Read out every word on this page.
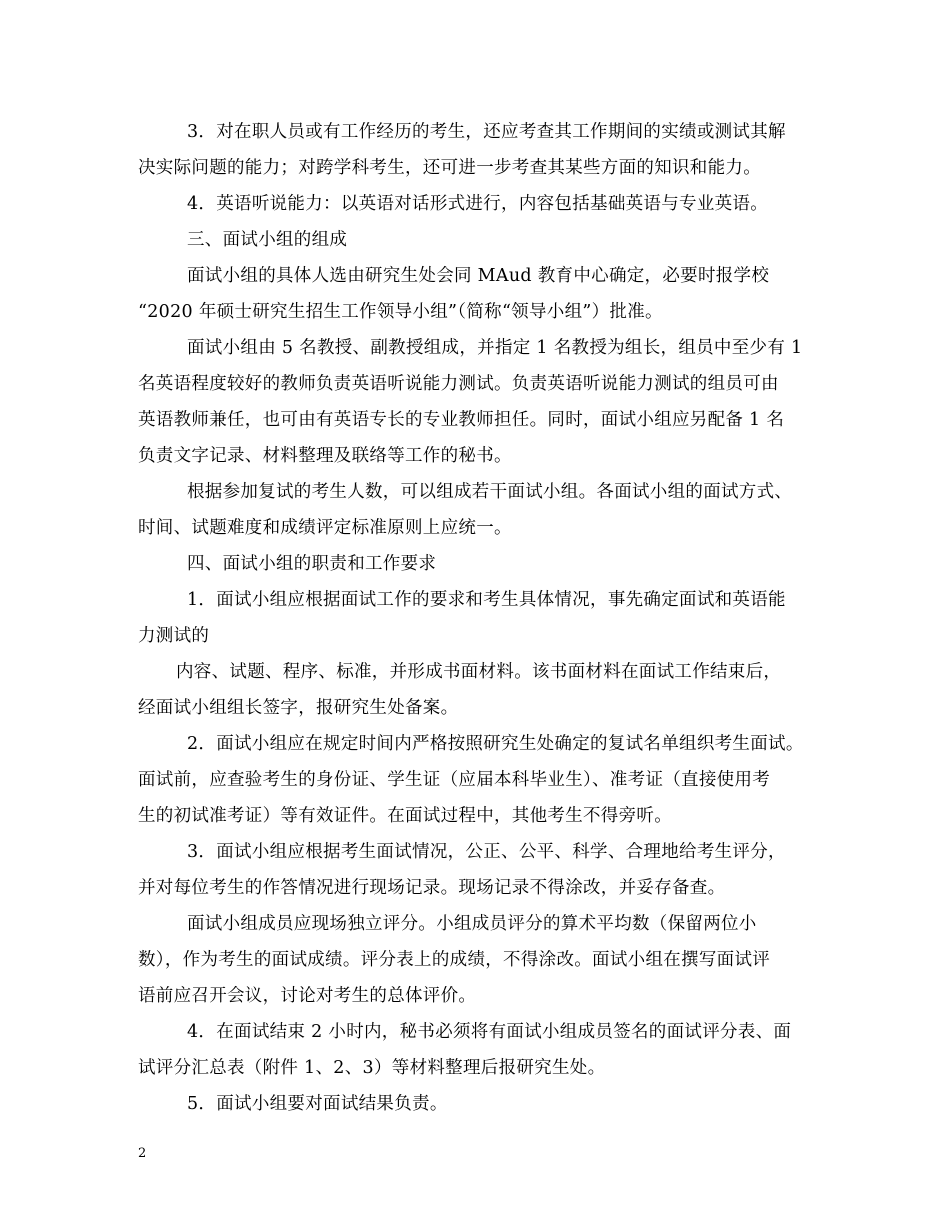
3．对在职人员或有工作经历的考生，还应考查其工作期间的实绩或测试其解
决实际问题的能力；对跨学科考生，还可进一步考查其某些方面的知识和能力。
4．英语听说能力：以英语对话形式进行，内容包括基础英语与专业英语。
三、面试小组的组成
面试小组的具体人选由研究生处会同 MAud 教育中心确定，必要时报学校
“2020 年硕士研究生招生工作领导小组”（简称“领导小组”）批准。
面试小组由 5 名教授、副教授组成，并指定 1 名教授为组长，组员中至少有 1
名英语程度较好的教师负责英语听说能力测试。负责英语听说能力测试的组员可由
英语教师兼任，也可由有英语专长的专业教师担任。同时，面试小组应另配备 1 名
负责文字记录、材料整理及联络等工作的秘书。
根据参加复试的考生人数，可以组成若干面试小组。各面试小组的面试方式、
时间、试题难度和成绩评定标准原则上应统一。
四、面试小组的职责和工作要求
1．面试小组应根据面试工作的要求和考生具体情况，事先确定面试和英语能
力测试的
内容、试题、程序、标准，并形成书面材料。该书面材料在面试工作结束后，
经面试小组组长签字，报研究生处备案。
2．面试小组应在规定时间内严格按照研究生处确定的复试名单组织考生面试。
面试前，应查验考生的身份证、学生证（应届本科毕业生）、准考证（直接使用考
生的初试准考证）等有效证件。在面试过程中，其他考生不得旁听。
3．面试小组应根据考生面试情况，公正、公平、科学、合理地给考生评分，
并对每位考生的作答情况进行现场记录。现场记录不得涂改，并妥存备查。
面试小组成员应现场独立评分。小组成员评分的算术平均数（保留两位小
数），作为考生的面试成绩。评分表上的成绩，不得涂改。面试小组在撰写面试评
语前应召开会议，讨论对考生的总体评价。
4．在面试结束 2 小时内，秘书必须将有面试小组成员签名的面试评分表、面
试评分汇总表（附件 1、2、3）等材料整理后报研究生处。
5．面试小组要对面试结果负责。
2
